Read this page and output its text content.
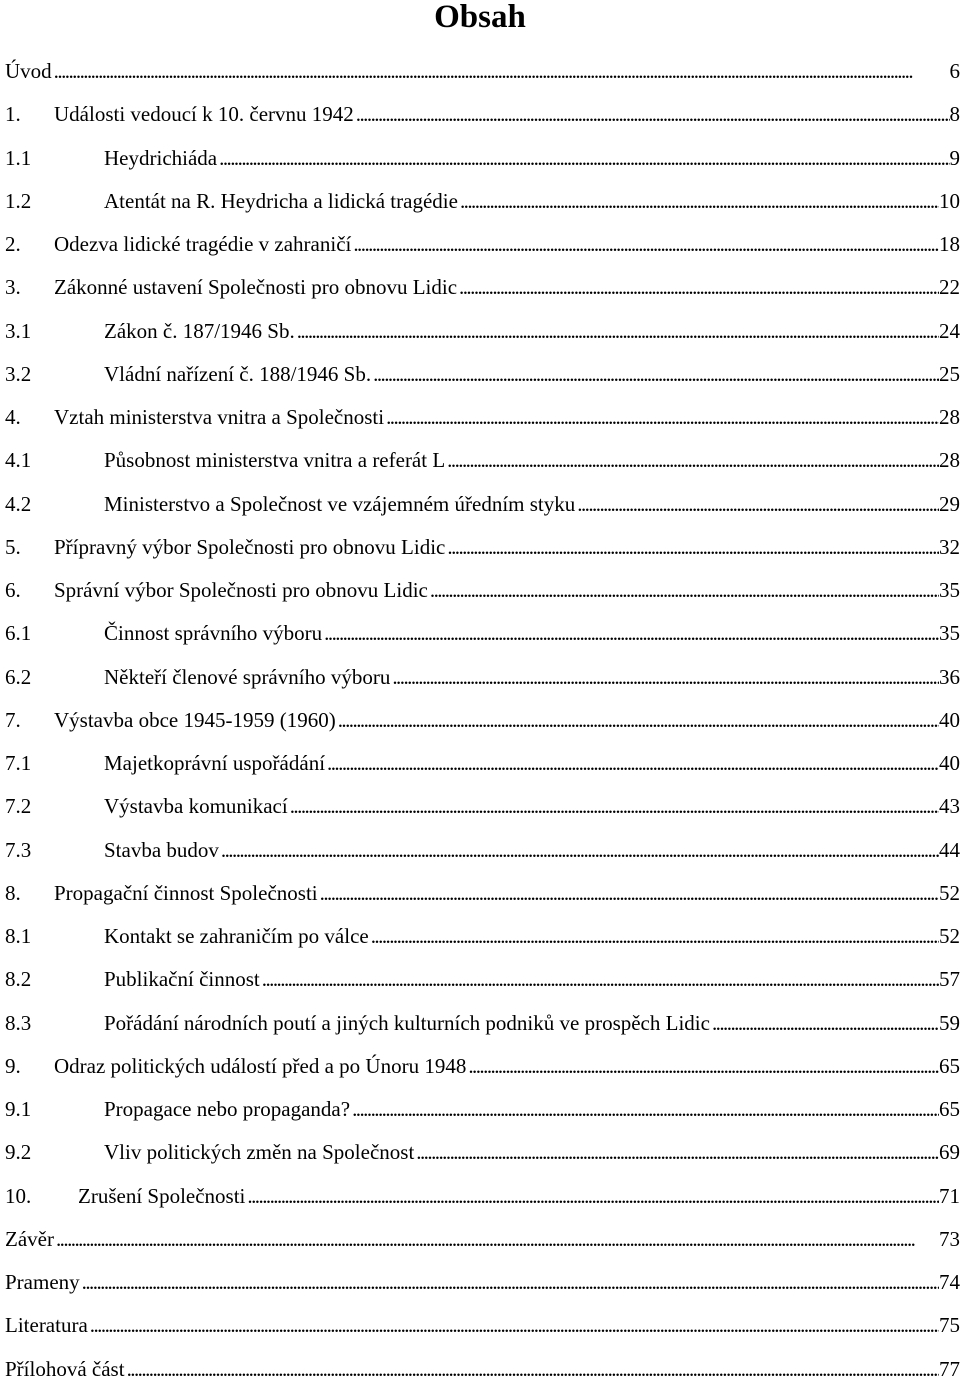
Obsah
Úvod . . .	6
1.	Události vedoucí k 10. červnu 1942 . . .	8
1.1	Heydrichiáda . . .	9
1.2	Atentát na R. Heydricha a lidická tragédie . . .	10
2.	Odezva lidické tragédie v zahraničí . . .	18
3.	Zákonné ustavení Společnosti pro obnovu Lidic . . .	22
3.1	Zákon č. 187/1946 Sb. . . .	24
3.2	Vládní nařízení č. 188/1946 Sb. . . .	25
4.	Vztah ministerstva vnitra a Společnosti . . .	28
4.1	Působnost ministerstva vnitra a referát L . . .	28
4.2	Ministerstvo a Společnost ve vzájemném úředním styku . . .	29
5.	Přípravný výbor Společnosti pro obnovu Lidic . . .	32
6.	Správní výbor Společnosti pro obnovu Lidic . . .	35
6.1	Činnost správního výboru . . .	35
6.2	Někteří členové správního výboru . . .	36
7.	Výstavba obce 1945-1959 (1960) . . .	40
7.1	Majetkoprávní uspořádání . . .	40
7.2	Výstavba komunikací . . .	43
7.3	Stavba budov . . .	44
8.	Propagační činnost Společnosti . . .	52
8.1	Kontakt se zahraničím po válce . . .	52
8.2	Publikační činnost . . .	57
8.3	Pořádání národních poutí a jiných kulturních podniků ve prospěch Lidic . . .	59
9.	Odraz politických událostí před a po Únoru 1948 . . .	65
9.1	Propagace nebo propaganda? . . .	65
9.2	Vliv politických změn na Společnost . . .	69
10.	Zrušení Společnosti . . .	71
Závěr . . .	73
Prameny . . .	74
Literatura . . .	75
Přílohová část . . .	77
